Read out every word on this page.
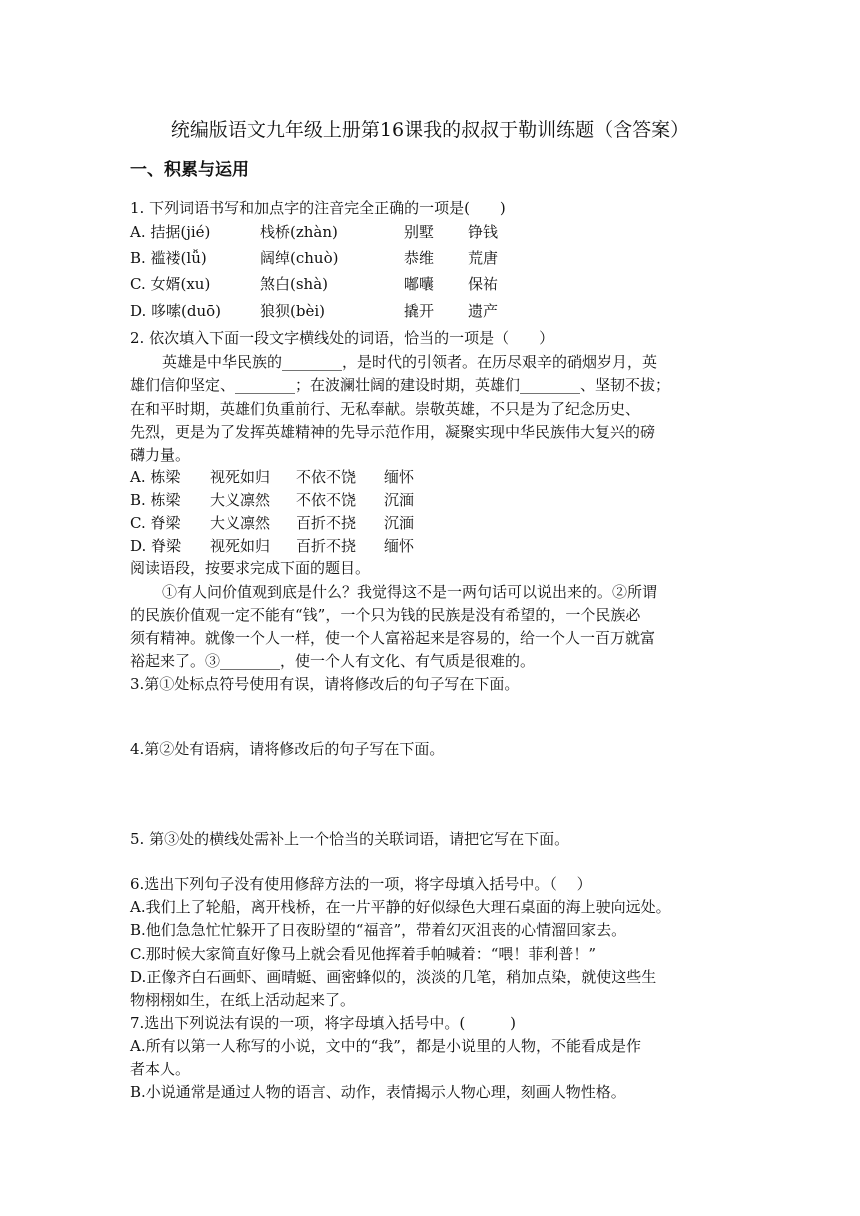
统编版语文九年级上册第16课我的叔叔于勒训练题（含答案）
一、积累与运用
1. 下列词语书写和加点字的注音完全正确的一项是(　　)
A. 拮据(jié)	栈桥(zhàn)	别墅 铮钱
B. 褴褛(lǚ)	阔绰(chuò)	恭维 荒唐
C. 女婿(xu)	煞白(shà)	嘟囔 保祐
D. 哆嗦(duō)	狼狈(bèi)	撬开 遗产
2. 依次填入下面一段文字横线处的词语，恰当的一项是（　　）
英雄是中华民族的________，是时代的引领者。在历尽艰辛的硝烟岁月，英
雄们信仰坚定、________；在波澜壮阔的建设时期，英雄们________、坚韧不拔；
在和平时期，英雄们负重前行、无私奉献。崇敬英雄，不只是为了纪念历史、
先烈，更是为了发挥英雄精神的先导示范作用，凝聚实现中华民族伟大复兴的磅
礴力量。
A. 栋梁 视死如归 不依不饶 缅怀
B. 栋梁 大义凛然 不依不饶 沉湎
C. 脊梁 大义凛然 百折不挠 沉湎
D. 脊梁 视死如归 百折不挠 缅怀
阅读语段，按要求完成下面的题目。
①有人问价值观到底是什么？我觉得这不是一两句话可以说出来的。②所谓
的民族价值观一定不能有“钱”，一个只为钱的民族是没有希望的，一个民族必
须有精神。就像一个人一样，使一个人富裕起来是容易的，给一个人一百万就富
裕起来了。③________，使一个人有文化、有气质是很难的。
3.第①处标点符号使用有误，请将修改后的句子写在下面。
4.第②处有语病，请将修改后的句子写在下面。
5. 第③处的横线处需补上一个恰当的关联词语，请把它写在下面。
6.选出下列句子没有使用修辞方法的一项，将字母填入括号中。（　 ）
A.我们上了轮船，离开栈桥，在一片平静的好似绿色大理石桌面的海上驶向远处。
B.他们急急忙忙躲开了日夜盼望的“福音”，带着幻灭沮丧的心情溜回家去。
C.那时候大家简直好像马上就会看见他挥着手帕喊着：“喂！菲利普！”
D.正像齐白石画虾、画晴蜓、画密蜂似的，淡淡的几笔，稍加点染，就使这些生
物栩栩如生，在纸上活动起来了。
7.选出下列说法有误的一项，将字母填入括号中。(　　　)
A.所有以第一人称写的小说，文中的“我”，都是小说里的人物，不能看成是作
者本人。
B.小说通常是通过人物的语言、动作，表情揭示人物心理，刻画人物性格。
